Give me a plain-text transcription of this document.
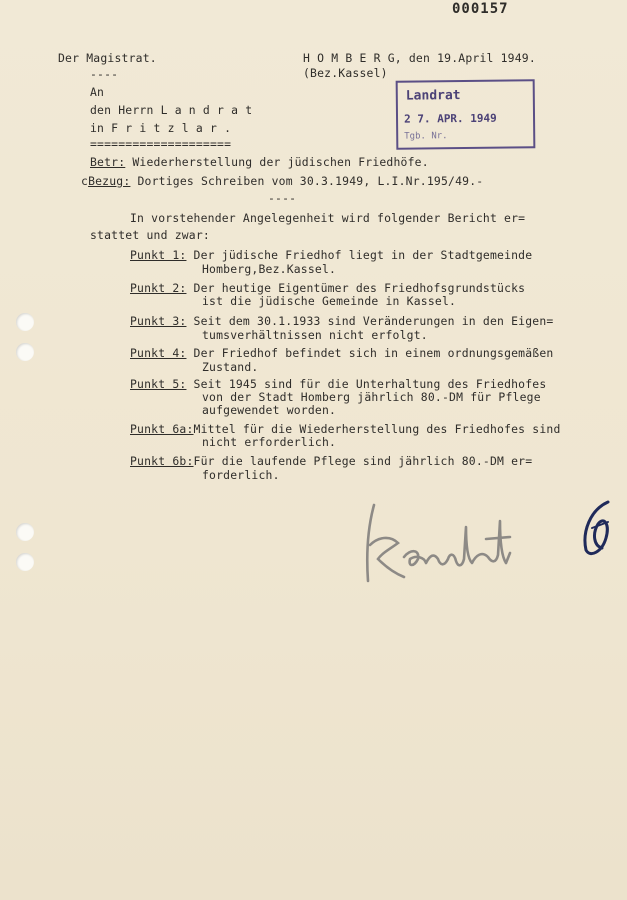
000157
Der Magistrat.
----
H O M B E R G, den 19.April 1949.
(Bez.Kassel)
An
den Herrn L a n d r a t
in F r i t z l a r .
====================
Landrat
2 7. APR. 1949
Tgb. Nr.
Betr: Wiederherstellung der jüdischen Friedhöfe.
cBezug: Dortiges Schreiben vom 30.3.1949, L.I.Nr.195/49.-
----
In vorstehender Angelegenheit wird folgender Bericht er=
stattet und zwar:
Punkt 1: Der jüdische Friedhof liegt in der Stadtgemeinde
Homberg,Bez.Kassel.
Punkt 2: Der heutige Eigentümer des Friedhofsgrundstücks
ist die jüdische Gemeinde in Kassel.
Punkt 3: Seit dem 30.1.1933 sind Veränderungen in den Eigen=
tumsverhältnissen nicht erfolgt.
Punkt 4: Der Friedhof befindet sich in einem ordnungsgemäßen
Zustand.
Punkt 5: Seit 1945 sind für die Unterhaltung des Friedhofes
von der Stadt Homberg jährlich 80.-DM für Pflege
aufgewendet worden.
Punkt 6a:Mittel für die Wiederherstellung des Friedhofes sind
nicht erforderlich.
Punkt 6b:Für die laufende Pflege sind jährlich 80.-DM er=
forderlich.
